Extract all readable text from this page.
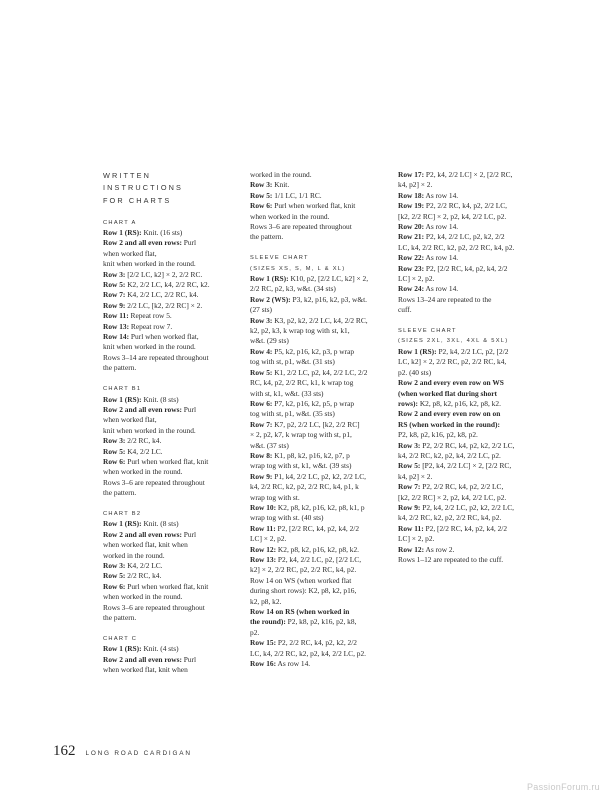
WRITTEN
INSTRUCTIONS
FOR CHARTS
CHART A
Row 1 (RS): Knit. (16 sts)
Row 2 and all even rows: Purl
when worked flat,
knit when worked in the round.
Row 3: [2/2 LC, k2] × 2, 2/2 RC.
Row 5: K2, 2/2 LC, k4, 2/2 RC, k2.
Row 7: K4, 2/2 LC, 2/2 RC, k4.
Row 9: 2/2 LC, [k2, 2/2 RC] × 2.
Row 11: Repeat row 5.
Row 13: Repeat row 7.
Row 14: Purl when worked flat,
knit when worked in the round.
Rows 3–14 are repeated throughout
the pattern.
CHART B1
Row 1 (RS): Knit. (8 sts)
Row 2 and all even rows: Purl
when worked flat,
knit when worked in the round.
Row 3: 2/2 RC, k4.
Row 5: K4, 2/2 LC.
Row 6: Purl when worked flat, knit
when worked in the round.
Rows 3–6 are repeated throughout
the pattern.
CHART B2
Row 1 (RS): Knit. (8 sts)
Row 2 and all even rows: Purl
when worked flat, knit when
worked in the round.
Row 3: K4, 2/2 LC.
Row 5: 2/2 RC, k4.
Row 6: Purl when worked flat, knit
when worked in the round.
Rows 3–6 are repeated throughout
the pattern.
CHART C
Row 1 (RS): Knit. (4 sts)
Row 2 and all even rows: Purl
when worked flat, knit when
worked in the round.
Row 3: Knit.
Row 5: 1/1 LC, 1/1 RC.
Row 6: Purl when worked flat, knit
when worked in the round.
Rows 3–6 are repeated throughout
the pattern.
SLEEVE CHART
(SIZES XS, S, M, L & XL)
Row 1 (RS): K10, p2, [2/2 LC, k2] × 2,
2/2 RC, p2, k3, w&t. (34 sts)
Row 2 (WS): P3, k2, p16, k2, p3, w&t.
(27 sts)
Row 3: K3, p2, k2, 2/2 LC, k4, 2/2 RC,
k2, p2, k3, k wrap tog with st, k1,
w&t. (29 sts)
Row 4: P5, k2, p16, k2, p3, p wrap
tog with st, p1, w&t. (31 sts)
Row 5: K1, 2/2 LC, p2, k4, 2/2 LC, 2/2
RC, k4, p2, 2/2 RC, k1, k wrap tog
with st, k1, w&t. (33 sts)
Row 6: P7, k2, p16, k2, p5, p wrap
tog with st, p1, w&t. (35 sts)
Row 7: K7, p2, 2/2 LC, [k2, 2/2 RC]
× 2, p2, k7, k wrap tog with st, p1,
w&t. (37 sts)
Row 8: K1, p8, k2, p16, k2, p7, p
wrap tog with st, k1, w&t. (39 sts)
Row 9: P1, k4, 2/2 LC, p2, k2, 2/2 LC,
k4, 2/2 RC, k2, p2, 2/2 RC, k4, p1, k
wrap tog with st.
Row 10: K2, p8, k2, p16, k2, p8, k1, p
wrap tog with st. (40 sts)
Row 11: P2, [2/2 RC, k4, p2, k4, 2/2
LC] × 2, p2.
Row 12: K2, p8, k2, p16, k2, p8, k2.
Row 13: P2, k4, 2/2 LC, p2, [2/2 LC,
k2] × 2, 2/2 RC, p2, 2/2 RC, k4, p2.
Row 14 on WS (when worked flat
during short rows): K2, p8, k2, p16,
k2, p8, k2.
Row 14 on RS (when worked in
the round): P2, k8, p2, k16, p2, k8,
p2.
Row 15: P2, 2/2 RC, k4, p2, k2, 2/2
LC, k4, 2/2 RC, k2, p2, k4, 2/2 LC, p2.
Row 16: As row 14.
Row 17: P2, k4, 2/2 LC] × 2, [2/2 RC,
k4, p2] × 2.
Row 18: As row 14.
Row 19: P2, 2/2 RC, k4, p2, 2/2 LC,
[k2, 2/2 RC] × 2, p2, k4, 2/2 LC, p2.
Row 20: As row 14.
Row 21: P2, k4, 2/2 LC, p2, k2, 2/2
LC, k4, 2/2 RC, k2, p2, 2/2 RC, k4, p2.
Row 22: As row 14.
Row 23: P2, [2/2 RC, k4, p2, k4, 2/2
LC] × 2, p2.
Row 24: As row 14.
Rows 13–24 are repeated to the
cuff.
SLEEVE CHART
(SIZES 2XL, 3XL, 4XL & 5XL)
Row 1 (RS): P2, k4, 2/2 LC, p2, [2/2
LC, k2] × 2, 2/2 RC, p2, 2/2 RC, k4,
p2. (40 sts)
Row 2 and every even row on WS
(when worked flat during short
rows): K2, p8, k2, p16, k2, p8, k2.
Row 2 and every even row on on
RS (when worked in the round):
P2, k8, p2, k16, p2, k8, p2.
Row 3: P2, 2/2 RC, k4, p2, k2, 2/2 LC,
k4, 2/2 RC, k2, p2, k4, 2/2 LC, p2.
Row 5: [P2, k4, 2/2 LC] × 2, [2/2 RC,
k4, p2] × 2.
Row 7: P2, 2/2 RC, k4, p2, 2/2 LC,
[k2, 2/2 RC] × 2, p2, k4, 2/2 LC, p2.
Row 9: P2, k4, 2/2 LC, p2, k2, 2/2 LC,
k4, 2/2 RC, k2, p2, 2/2 RC, k4, p2.
Row 11: P2, [2/2 RC, k4, p2, k4, 2/2
LC] × 2, p2.
Row 12: As row 2.
Rows 1–12 are repeated to the cuff.
162 LONG ROAD CARDIGAN
PassionForum.ru
